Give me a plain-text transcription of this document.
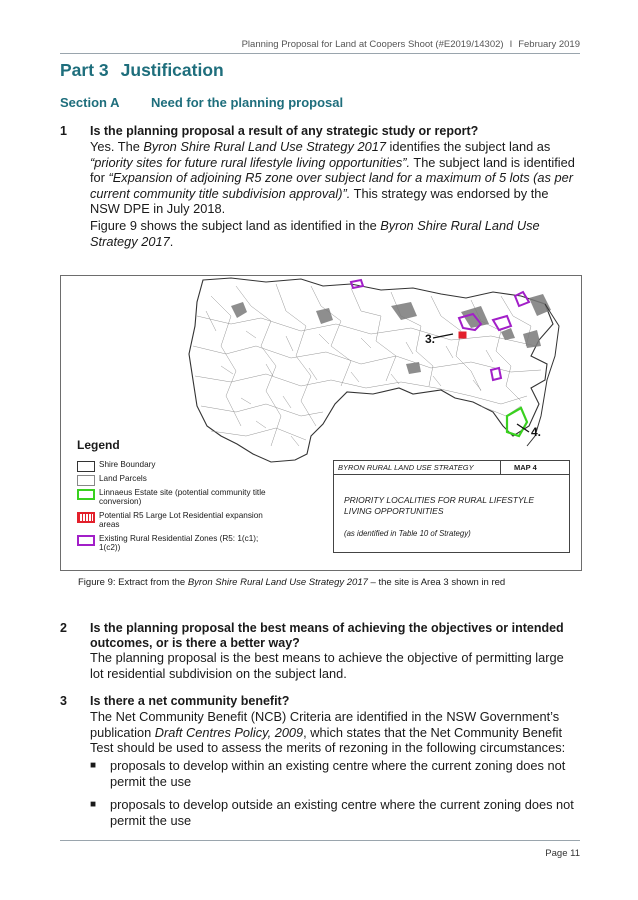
Planning Proposal for Land at Coopers Shoot (#E2019/14302) I February 2019
Part 3 Justification
Section A Need for the planning proposal
1 Is the planning proposal a result of any strategic study or report?

Yes. The Byron Shire Rural Land Use Strategy 2017 identifies the subject land as “priority sites for future rural lifestyle living opportunities”. The subject land is identified for “Expansion of adjoining R5 zone over subject land for a maximum of 5 lots (as per current community title subdivision approval)”. This strategy was endorsed by the NSW DPE in July 2018.

Figure 9 shows the subject land as identified in the Byron Shire Rural Land Use Strategy 2017.

3.
4.
Legend
Shire Boundary
Land Parcels
Linnaeus Estate site (potential community title conversion)
Potential R5 Large Lot Residential expansion areas
Existing Rural Residential Zones (R5: 1(c1); 1(c2))
BYRON RURAL LAND USE STRATEGY	MAP 4
PRIORITY LOCALITIES FOR RURAL LIFESTYLE LIVING OPPORTUNITIES
(as identified in Table 10 of Strategy)
Figure 9: Extract from the Byron Shire Rural Land Use Strategy 2017 – the site is Area 3 shown in red
2 Is the planning proposal the best means of achieving the objectives or intended
outcomes, or is there a better way?

The planning proposal is the best means to achieve the objective of permitting large lot residential subdivision on the subject land.

3 Is there a net community benefit?

The Net Community Benefit (NCB) Criteria are identified in the NSW Government’s publication Draft Centres Policy, 2009, which states that the Net Community Benefit Test should be used to assess the merits of rezoning in the following circumstances:

■ proposals to develop within an existing centre where the current zoning does not permit the use
■ proposals to develop outside an existing centre where the current zoning does not permit the use
Page 11
